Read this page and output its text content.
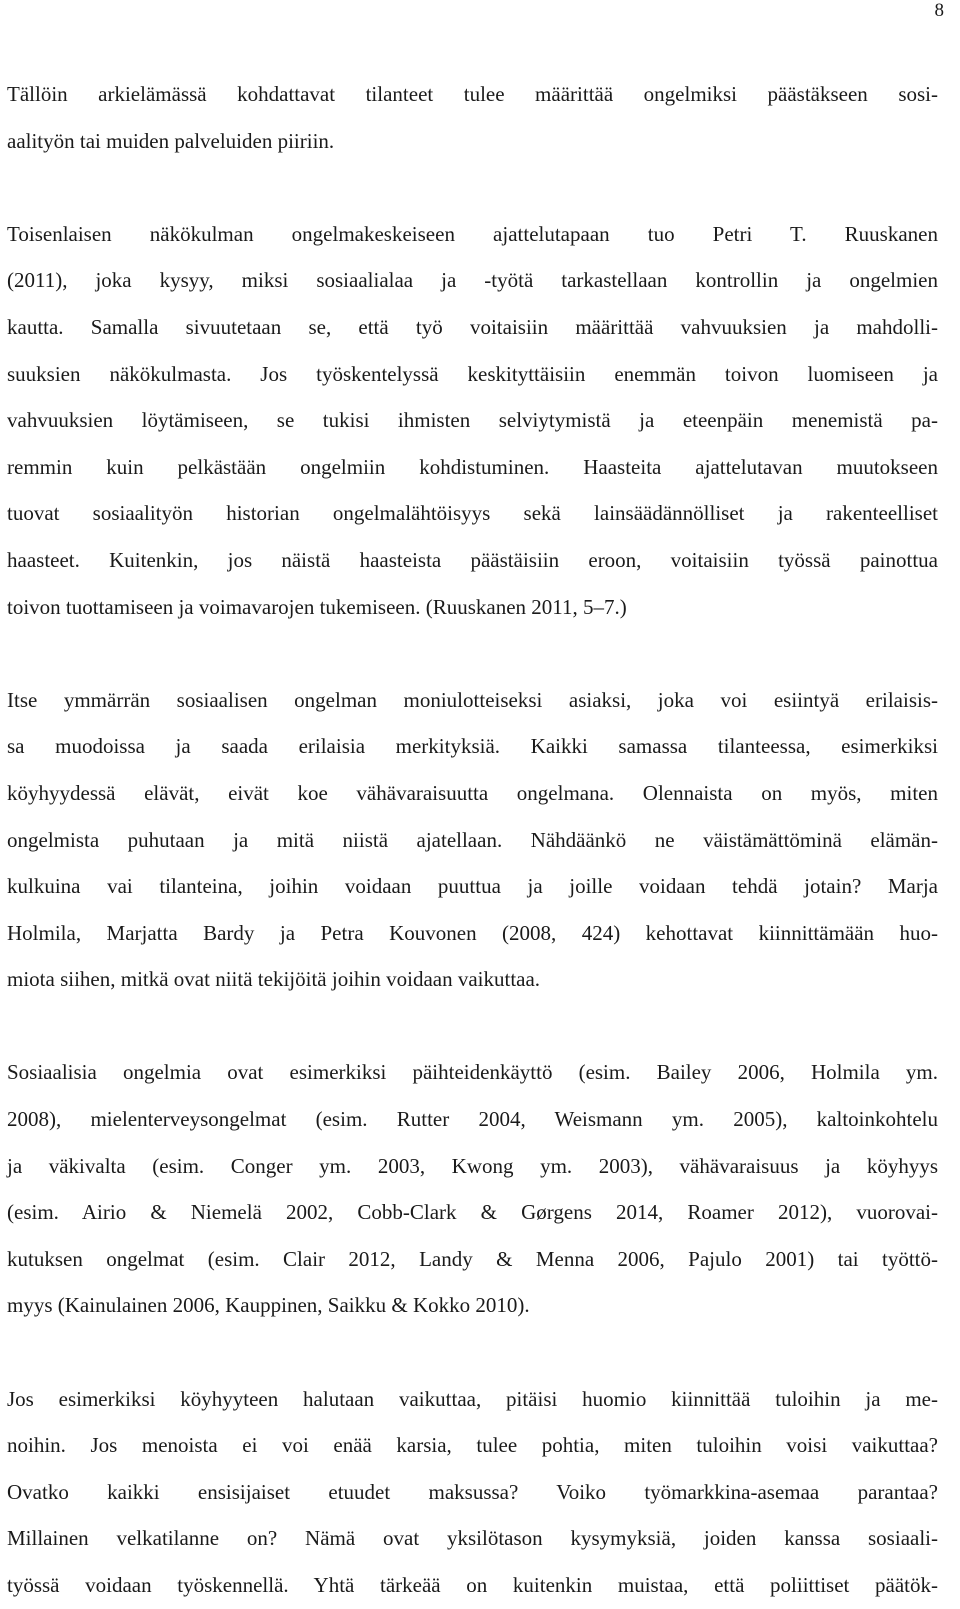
8

Tällöin arkielämässä kohdattavat tilanteet tulee määrittää ongelmiksi päästäkseen sosi-
aalityön tai muiden palveluiden piiriin.

Toisenlaisen näkökulman ongelmakeskeiseen ajattelutapaan tuo Petri T. Ruuskanen
(2011), joka kysyy, miksi sosiaalialaa ja -työtä tarkastellaan kontrollin ja ongelmien
kautta. Samalla sivuutetaan se, että työ voitaisiin määrittää vahvuuksien ja mahdolli-
suuksien näkökulmasta. Jos työskentelyssä keskityttäisiin enemmän toivon luomiseen ja
vahvuuksien löytämiseen, se tukisi ihmisten selviytymistä ja eteenpäin menemistä pa-
remmin kuin pelkästään ongelmiin kohdistuminen. Haasteita ajattelutavan muutokseen
tuovat sosiaalityön historian ongelmalähtöisyys sekä lainsäädännölliset ja rakenteelliset
haasteet. Kuitenkin, jos näistä haasteista päästäisiin eroon, voitaisiin työssä painottua
toivon tuottamiseen ja voimavarojen tukemiseen. (Ruuskanen 2011, 5–7.)

Itse ymmärrän sosiaalisen ongelman moniulotteiseksi asiaksi, joka voi esiintyä erilaisis-
sa muodoissa ja saada erilaisia merkityksiä. Kaikki samassa tilanteessa, esimerkiksi
köyhyydessä elävät, eivät koe vähävaraisuutta ongelmana. Olennaista on myös, miten
ongelmista puhutaan ja mitä niistä ajatellaan. Nähdäänkö ne väistämättöminä elämän-
kulkuina vai tilanteina, joihin voidaan puuttua ja joille voidaan tehdä jotain? Marja
Holmila, Marjatta Bardy ja Petra Kouvonen (2008, 424) kehottavat kiinnittämään huo-
miota siihen, mitkä ovat niitä tekijöitä joihin voidaan vaikuttaa.

Sosiaalisia ongelmia ovat esimerkiksi päihteidenkäyttö (esim. Bailey 2006, Holmila ym.
2008), mielenterveysongelmat (esim. Rutter 2004, Weismann ym. 2005), kaltoinkohtelu
ja väkivalta (esim. Conger ym. 2003, Kwong ym. 2003), vähävaraisuus ja köyhyys
(esim. Airio & Niemelä 2002, Cobb-Clark & Gørgens 2014, Roamer 2012), vuorovai-
kutuksen ongelmat (esim. Clair 2012, Landy & Menna 2006, Pajulo 2001) tai työttö-
myys (Kainulainen 2006, Kauppinen, Saikku & Kokko 2010).

Jos esimerkiksi köyhyyteen halutaan vaikuttaa, pitäisi huomio kiinnittää tuloihin ja me-
noihin. Jos menoista ei voi enää karsia, tulee pohtia, miten tuloihin voisi vaikuttaa?
Ovatko kaikki ensisijaiset etuudet maksussa? Voiko työmarkkina-asemaa parantaa?
Millainen velkatilanne on? Nämä ovat yksilötason kysymyksiä, joiden kanssa sosiaali-
työssä voidaan työskennellä. Yhtä tärkeää on kuitenkin muistaa, että poliittiset päätök-
